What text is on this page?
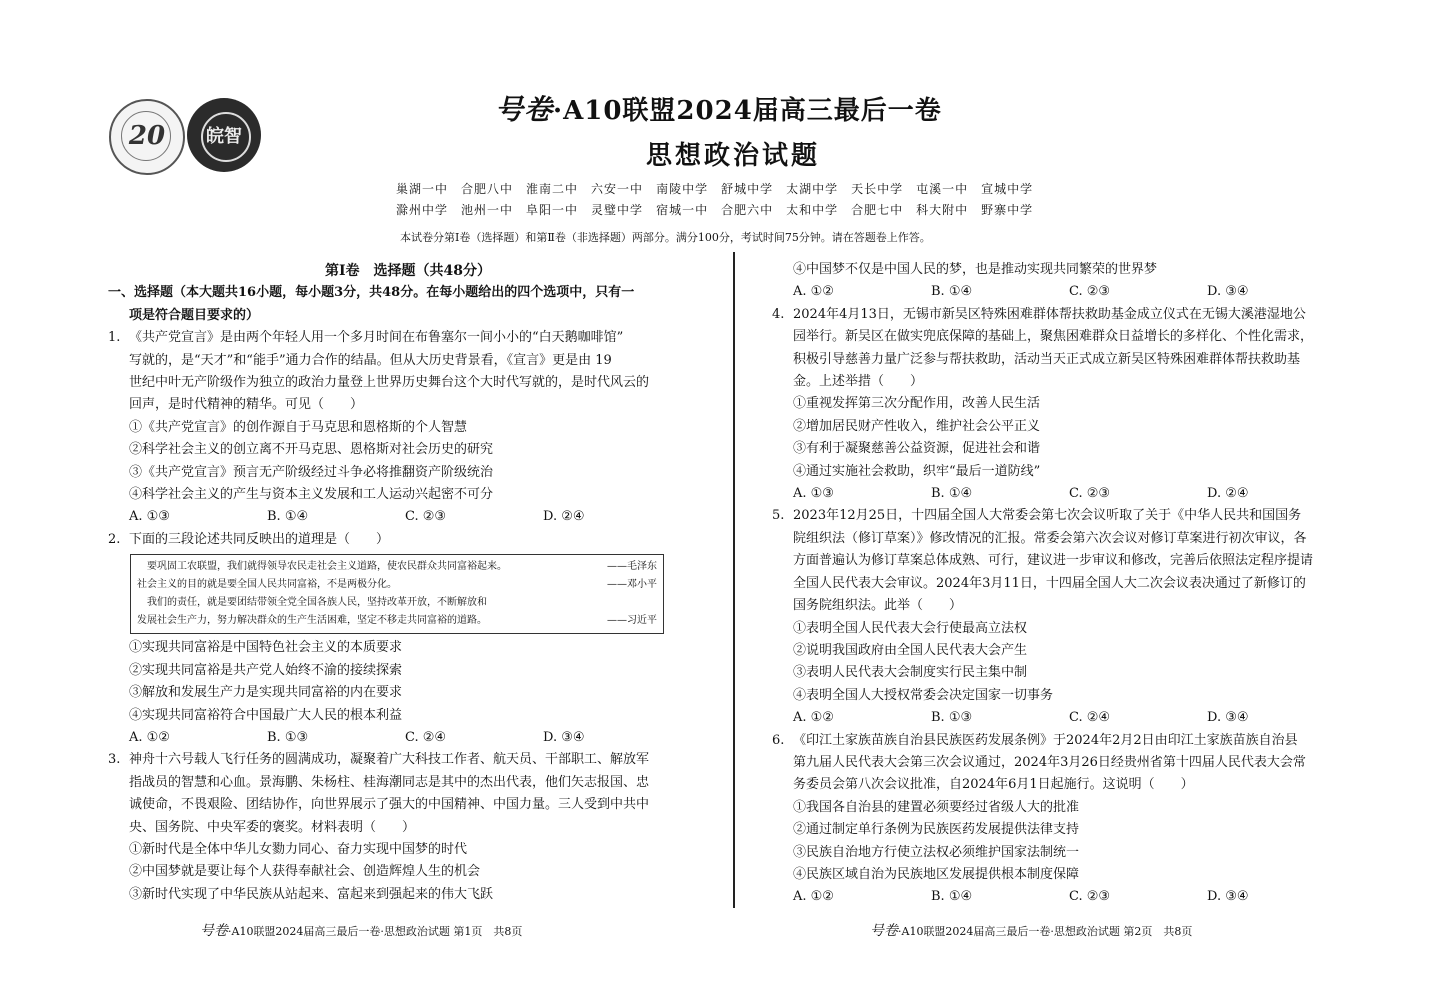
20	皖智
号卷·A10联盟2024届高三最后一卷
思想政治试题
巢湖一中 合肥八中 淮南二中 六安一中 南陵中学 舒城中学 太湖中学 天长中学 屯溪一中 宣城中学
滁州中学 池州一中 阜阳一中 灵璧中学 宿城一中 合肥六中 太和中学 合肥七中 科大附中 野寨中学
本试卷分第Ⅰ卷（选择题）和第Ⅱ卷（非选择题）两部分。满分100分，考试时间75分钟。请在答题卷上作答。

第Ⅰ卷　选择题（共48分）

一、选择题（本大题共16小题，每小题3分，共48分。在每小题给出的四个选项中，只有一

项是符合题目要求的）

1. 《共产党宣言》是由两个年轻人用一个多月时间在布鲁塞尔一间小小的“白天鹅咖啡馆”

写就的，是“天才”和“能手”通力合作的结晶。但从大历史背景看，《宣言》更是由 19

世纪中叶无产阶级作为独立的政治力量登上世界历史舞台这个大时代写就的，是时代风云的

回声，是时代精神的精华。可见（　　）

①《共产党宣言》的创作源自于马克思和恩格斯的个人智慧

②科学社会主义的创立离不开马克思、恩格斯对社会历史的研究

③《共产党宣言》预言无产阶级经过斗争必将推翻资产阶级统治

④科学社会主义的产生与资本主义发展和工人运动兴起密不可分

A. ①③	B. ①④	C. ②③	D. ②④

2. 下面的三段论述共同反映出的道理是（　　）

　要巩固工农联盟，我们就得领导农民走社会主义道路，使农民群众共同富裕起来。	——毛泽东

社会主义的目的就是要全国人民共同富裕，不是两极分化。	——邓小平

　我们的责任，就是要团结带领全党全国各族人民，坚持改革开放，不断解放和

发展社会生产力，努力解决群众的生产生活困难，坚定不移走共同富裕的道路。	——习近平

①实现共同富裕是中国特色社会主义的本质要求

②实现共同富裕是共产党人始终不渝的接续探索

③解放和发展生产力是实现共同富裕的内在要求

④实现共同富裕符合中国最广大人民的根本利益

A. ①②	B. ①③	C. ②④	D. ③④

3. 神舟十六号载人飞行任务的圆满成功，凝聚着广大科技工作者、航天员、干部职工、解放军

指战员的智慧和心血。景海鹏、朱杨柱、桂海潮同志是其中的杰出代表，他们矢志报国、忠

诚使命，不畏艰险、团结协作，向世界展示了强大的中国精神、中国力量。三人受到中共中

央、国务院、中央军委的褒奖。材料表明（　　）

①新时代是全体中华儿女勠力同心、奋力实现中国梦的时代

②中国梦就是要让每个人获得奉献社会、创造辉煌人生的机会

③新时代实现了中华民族从站起来、富起来到强起来的伟大飞跃

号卷·A10联盟2024届高三最后一卷·思想政治试题 第1页　共8页

④中国梦不仅是中国人民的梦，也是推动实现共同繁荣的世界梦

A. ①②	B. ①④	C. ②③	D. ③④

4. 2024年4月13日，无锡市新吴区特殊困难群体帮扶救助基金成立仪式在无锡大溪港湿地公

园举行。新吴区在做实兜底保障的基础上，聚焦困难群众日益增长的多样化、个性化需求，

积极引导慈善力量广泛参与帮扶救助，活动当天正式成立新吴区特殊困难群体帮扶救助基

金。上述举措（　　）

①重视发挥第三次分配作用，改善人民生活

②增加居民财产性收入，维护社会公平正义

③有利于凝聚慈善公益资源，促进社会和谐

④通过实施社会救助，织牢“最后一道防线”

A. ①③	B. ①④	C. ②③	D. ②④

5. 2023年12月25日，十四届全国人大常委会第七次会议听取了关于《中华人民共和国国务

院组织法（修订草案）》修改情况的汇报。常委会第六次会议对修订草案进行初次审议，各

方面普遍认为修订草案总体成熟、可行，建议进一步审议和修改，完善后依照法定程序提请

全国人民代表大会审议。2024年3月11日，十四届全国人大二次会议表决通过了新修订的

国务院组织法。此举（　　）

①表明全国人民代表大会行使最高立法权

②说明我国政府由全国人民代表大会产生

③表明人民代表大会制度实行民主集中制

④表明全国人大授权常委会决定国家一切事务

A. ①②	B. ①③	C. ②④	D. ③④

6. 《印江土家族苗族自治县民族医药发展条例》于2024年2月2日由印江土家族苗族自治县

第九届人民代表大会第三次会议通过，2024年3月26日经贵州省第十四届人民代表大会常

务委员会第八次会议批准，自2024年6月1日起施行。这说明（　　）

①我国各自治县的建置必须要经过省级人大的批准

②通过制定单行条例为民族医药发展提供法律支持

③民族自治地方行使立法权必须维护国家法制统一

④民族区域自治为民族地区发展提供根本制度保障

A. ①②	B. ①④	C. ②③	D. ③④
号卷·A10联盟2024届高三最后一卷·思想政治试题 第2页　共8页
